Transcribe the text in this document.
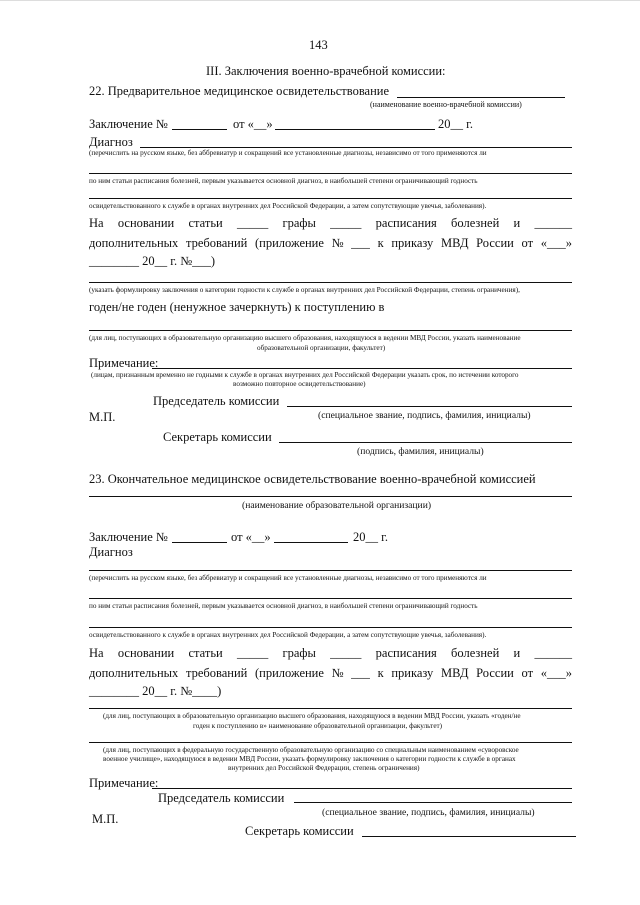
143
III. Заключения военно-врачебной комиссии:
22. Предварительное медицинское освидетельствование
(наименование военно-врачебной комиссии)
Заключение №	от «__»	20__ г.
Диагноз
(перечислить на русском языке, без аббревиатур и сокращений все установленные диагнозы, независимо от того применяются ли
по ним статьи расписания болезней, первым указывается основной диагноз, в наибольшей степени ограничивающий годность
освидетельствованного к службе в органах внутренних дел Российской Федерации, а затем сопутствующие увечья, заболевания).
На основании статьи _____ графы _____ расписания болезней и ______
дополнительных требований (приложение № ___ к приказу МВД России от «___»
________ 20__ г. №___)
(указать формулировку заключения о категории годности к службе в органах внутренних дел Российской Федерации, степень ограничения),
годен/не годен (ненужное зачеркнуть) к поступлению в
(для лиц, поступающих в образовательную организацию высшего образования, находящуюся в ведении МВД России, указать наименование
образовательной организации, факультет)
Примечание:
(лицам, признанным временно не годными к службе в органах внутренних дел Российской Федерации указать срок, по истечении которого
возможно повторное освидетельствование)
Председатель комиссии
М.П.	(специальное звание, подпись, фамилия, инициалы)
Секретарь комиссии
(подпись, фамилия, инициалы)
23. Окончательное медицинское освидетельствование военно-врачебной комиссией
(наименование образовательной организации)
Заключение №	от «__»	20__ г.
Диагноз
(перечислить на русском языке, без аббревиатур и сокращений все установленные диагнозы, независимо от того применяются ли
по ним статьи расписания болезней, первым указывается основной диагноз, в наибольшей степени ограничивающий годность
освидетельствованного к службе в органах внутренних дел Российской Федерации, а затем сопутствующие увечья, заболевания).
На основании статьи _____ графы _____ расписания болезней и ______
дополнительных требований (приложение № ___ к приказу МВД России от «___»
________ 20__ г. №____)
(для лиц, поступающих в образовательную организацию высшего образования, находящуюся в ведении МВД России, указать «годен/не
годен к поступлению в» наименование образовательной организации, факультет)
(для лиц, поступающих в федеральную государственную образовательную организацию со специальным наименованием «суворовское
военное училище», находящуюся в ведении МВД России, указать формулировку заключения о категории годности к службе в органах
внутренних дел Российской Федерации, степень ограничения)
Примечание:
Председатель комиссии
(специальное звание, подпись, фамилия, инициалы)
М.П.
Секретарь комиссии
